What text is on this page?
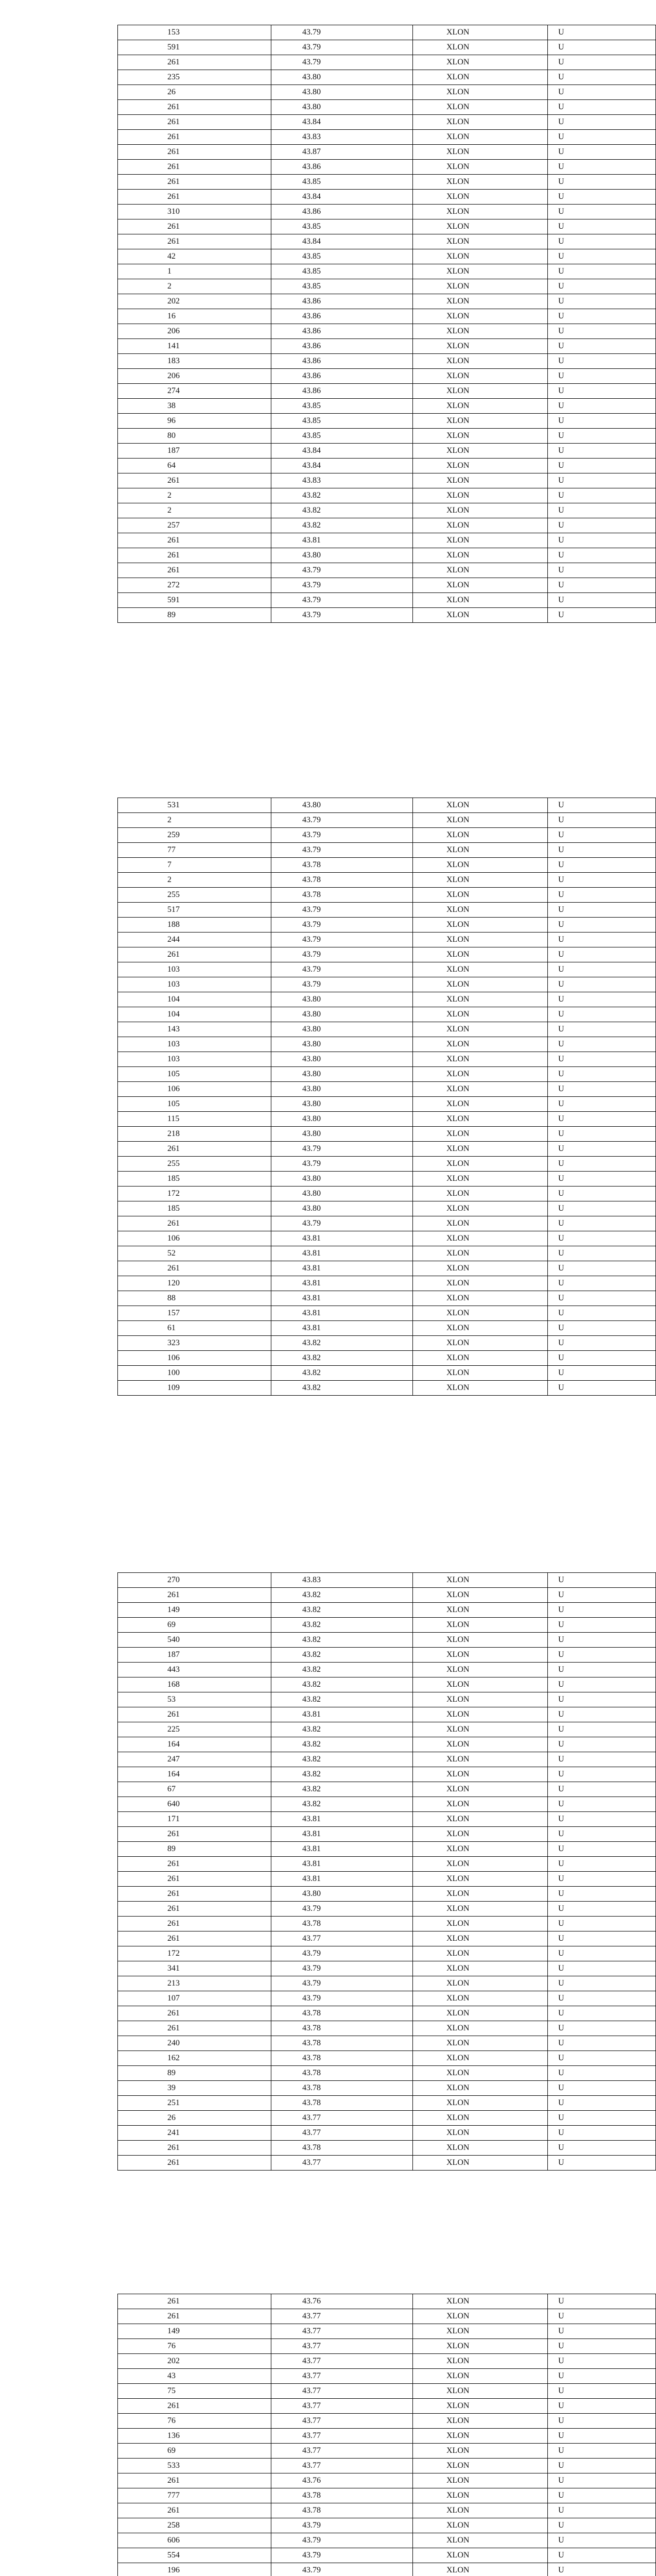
153	43.79	XLON	U
591	43.79	XLON	U
261	43.79	XLON	U
235	43.80	XLON	U
26	43.80	XLON	U
261	43.80	XLON	U
261	43.84	XLON	U
261	43.83	XLON	U
261	43.87	XLON	U
261	43.86	XLON	U
261	43.85	XLON	U
261	43.84	XLON	U
310	43.86	XLON	U
261	43.85	XLON	U
261	43.84	XLON	U
42	43.85	XLON	U
1	43.85	XLON	U
2	43.85	XLON	U
202	43.86	XLON	U
16	43.86	XLON	U
206	43.86	XLON	U
141	43.86	XLON	U
183	43.86	XLON	U
206	43.86	XLON	U
274	43.86	XLON	U
38	43.85	XLON	U
96	43.85	XLON	U
80	43.85	XLON	U
187	43.84	XLON	U
64	43.84	XLON	U
261	43.83	XLON	U
2	43.82	XLON	U
2	43.82	XLON	U
257	43.82	XLON	U
261	43.81	XLON	U
261	43.80	XLON	U
261	43.79	XLON	U
272	43.79	XLON	U
591	43.79	XLON	U
89	43.79	XLON	U
531	43.80	XLON	U
2	43.79	XLON	U
259	43.79	XLON	U
77	43.79	XLON	U
7	43.78	XLON	U
2	43.78	XLON	U
255	43.78	XLON	U
517	43.79	XLON	U
188	43.79	XLON	U
244	43.79	XLON	U
261	43.79	XLON	U
103	43.79	XLON	U
103	43.79	XLON	U
104	43.80	XLON	U
104	43.80	XLON	U
143	43.80	XLON	U
103	43.80	XLON	U
103	43.80	XLON	U
105	43.80	XLON	U
106	43.80	XLON	U
105	43.80	XLON	U
115	43.80	XLON	U
218	43.80	XLON	U
261	43.79	XLON	U
255	43.79	XLON	U
185	43.80	XLON	U
172	43.80	XLON	U
185	43.80	XLON	U
261	43.79	XLON	U
106	43.81	XLON	U
52	43.81	XLON	U
261	43.81	XLON	U
120	43.81	XLON	U
88	43.81	XLON	U
157	43.81	XLON	U
61	43.81	XLON	U
323	43.82	XLON	U
106	43.82	XLON	U
100	43.82	XLON	U
109	43.82	XLON	U
270	43.83	XLON	U
261	43.82	XLON	U
149	43.82	XLON	U
69	43.82	XLON	U
540	43.82	XLON	U
187	43.82	XLON	U
443	43.82	XLON	U
168	43.82	XLON	U
53	43.82	XLON	U
261	43.81	XLON	U
225	43.82	XLON	U
164	43.82	XLON	U
247	43.82	XLON	U
164	43.82	XLON	U
67	43.82	XLON	U
640	43.82	XLON	U
171	43.81	XLON	U
261	43.81	XLON	U
89	43.81	XLON	U
261	43.81	XLON	U
261	43.81	XLON	U
261	43.80	XLON	U
261	43.79	XLON	U
261	43.78	XLON	U
261	43.77	XLON	U
172	43.79	XLON	U
341	43.79	XLON	U
213	43.79	XLON	U
107	43.79	XLON	U
261	43.78	XLON	U
261	43.78	XLON	U
240	43.78	XLON	U
162	43.78	XLON	U
89	43.78	XLON	U
39	43.78	XLON	U
251	43.78	XLON	U
26	43.77	XLON	U
241	43.77	XLON	U
261	43.78	XLON	U
261	43.77	XLON	U
261	43.76	XLON	U
261	43.77	XLON	U
149	43.77	XLON	U
76	43.77	XLON	U
202	43.77	XLON	U
43	43.77	XLON	U
75	43.77	XLON	U
261	43.77	XLON	U
76	43.77	XLON	U
136	43.77	XLON	U
69	43.77	XLON	U
533	43.77	XLON	U
261	43.76	XLON	U
777	43.78	XLON	U
261	43.78	XLON	U
258	43.79	XLON	U
606	43.79	XLON	U
554	43.79	XLON	U
196	43.79	XLON	U
